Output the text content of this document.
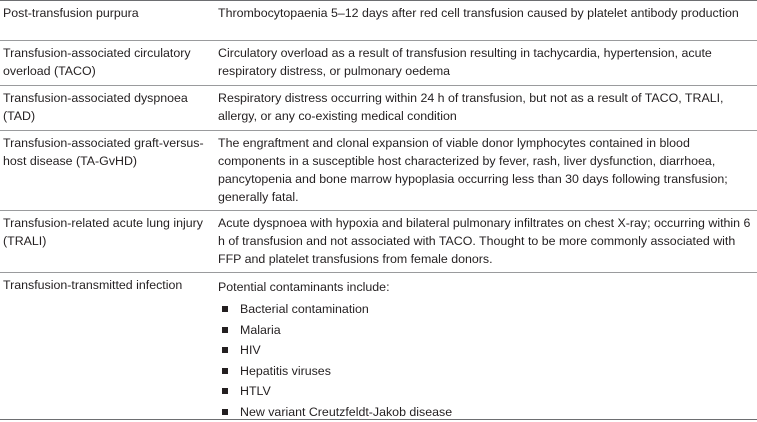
Post-transfusion purpura	Thrombocytopaenia 5–12 days after red cell transfusion caused by platelet antibody production
Transfusion-associated circulatory overload (TACO)
Circulatory overload as a result of transfusion resulting in tachycardia, hypertension, acute respiratory distress, or pulmonary oedema
Transfusion-associated dyspnoea (TAD)
Respiratory distress occurring within 24 h of transfusion, but not as a result of TACO, TRALI, allergy, or any co-existing medical condition
Transfusion-associated graft-versus-host disease (TA-GvHD)
The engraftment and clonal expansion of viable donor lymphocytes contained in blood components in a susceptible host characterized by fever, rash, liver dysfunction, diarrhoea, pancytopenia and bone marrow hypoplasia occurring less than 30 days following transfusion; generally fatal.
Transfusion-related acute lung injury (TRALI)
Acute dyspnoea with hypoxia and bilateral pulmonary infiltrates on chest X-ray; occurring within 6 h of transfusion and not associated with TACO. Thought to be more commonly associated with FFP and platelet transfusions from female donors.
Transfusion-transmitted infection	Potential contaminants include:
Bacterial contamination
Malaria
HIV
Hepatitis viruses
HTLV
New variant Creutzfeldt-Jakob disease
